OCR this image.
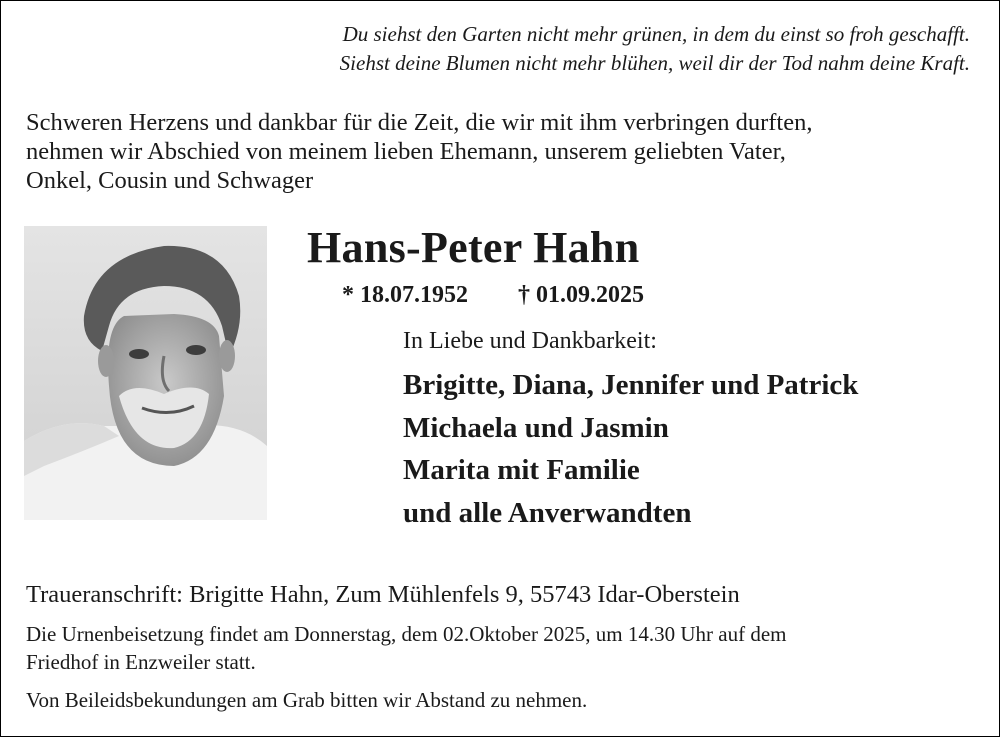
Du siehst den Garten nicht mehr grünen, in dem du einst so froh geschafft.
Siehst deine Blumen nicht mehr blühen, weil dir der Tod nahm deine Kraft.
Schweren Herzens und dankbar für die Zeit, die wir mit ihm verbringen durften,
nehmen wir Abschied von meinem lieben Ehemann, unserem geliebten Vater,
Onkel, Cousin und Schwager
Hans-Peter Hahn
* 18.07.1952 † 01.09.2025
In Liebe und Dankbarkeit:
Brigitte, Diana, Jennifer und Patrick
Michaela und Jasmin
Marita mit Familie
und alle Anverwandten
Traueranschrift: Brigitte Hahn, Zum Mühlenfels 9, 55743 Idar-Oberstein
Die Urnenbeisetzung findet am Donnerstag, dem 02.Oktober 2025, um 14.30 Uhr auf dem
Friedhof in Enzweiler statt.
Von Beileidsbekundungen am Grab bitten wir Abstand zu nehmen.
